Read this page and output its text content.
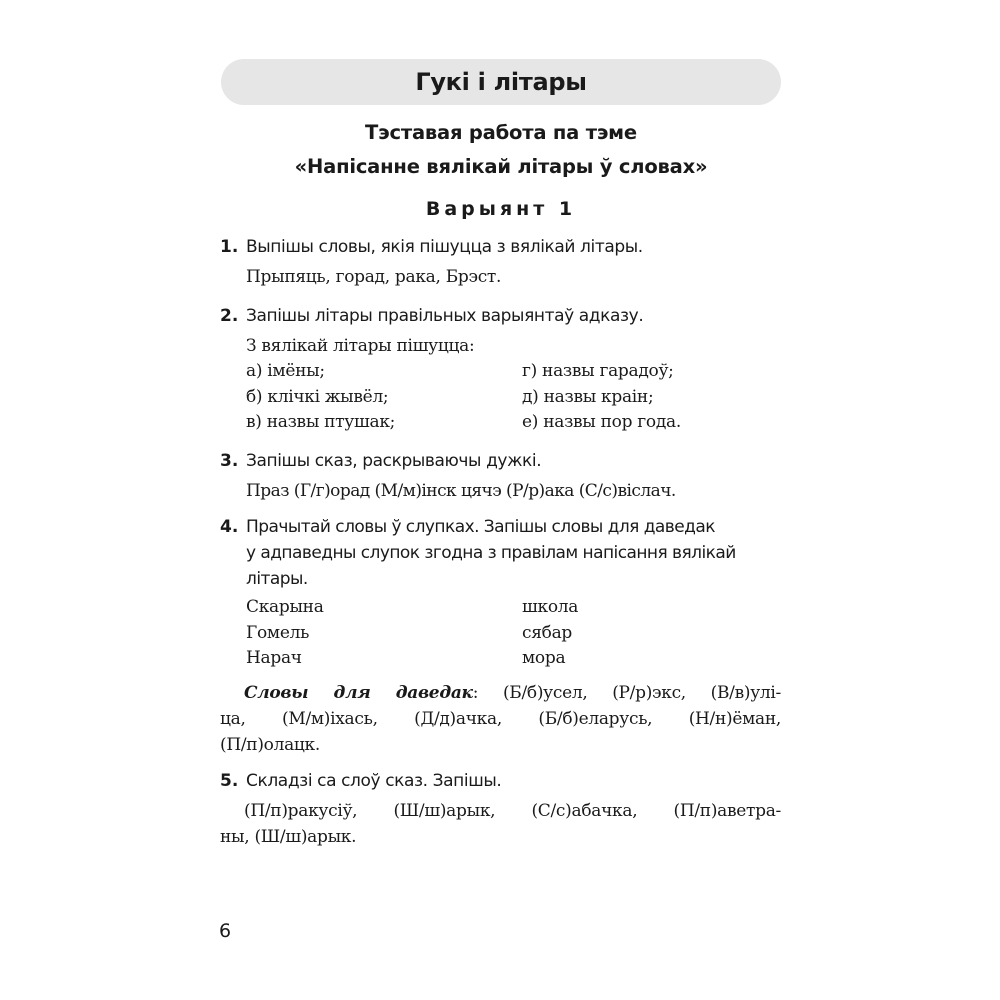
Гукі і літары
Тэставая работа па тэме
«Напісанне вялікай літары ў словах»
Варыянт 1
1. Выпішы словы, якія пішуцца з вялікай літары.
Прыпяць, горад, рака, Брэст.
2. Запішы літары правільных варыянтаў адказу.
З вялікай літары пішуцца:
а) імёны;
б) клічкі жывёл;
в) назвы птушак;
г) назвы гарадоў;
д) назвы краін;
е) назвы пор года.
3. Запішы сказ, раскрываючы дужкі.
Праз (Г/г)орад (М/м)інск цячэ (Р/р)ака (С/с)віслач.
4. Прачытай словы ў слупках. Запішы словы для даведак
у адпаведны слупок згодна з правілам напісання вялікай
літары.
Скарына
Гомель
Нарач
школа
сябар
мора
Словы для даведак: (Б/б)усел, (Р/р)экс, (В/в)улі-
ца, (М/м)іхась, (Д/д)ачка, (Б/б)еларусь, (Н/н)ёман,
(П/п)олацк.
5. Складзі са слоў сказ. Запішы.
(П/п)ракусіў, (Ш/ш)арык, (С/с)абачка, (П/п)аветра-
ны, (Ш/ш)арык.
6
